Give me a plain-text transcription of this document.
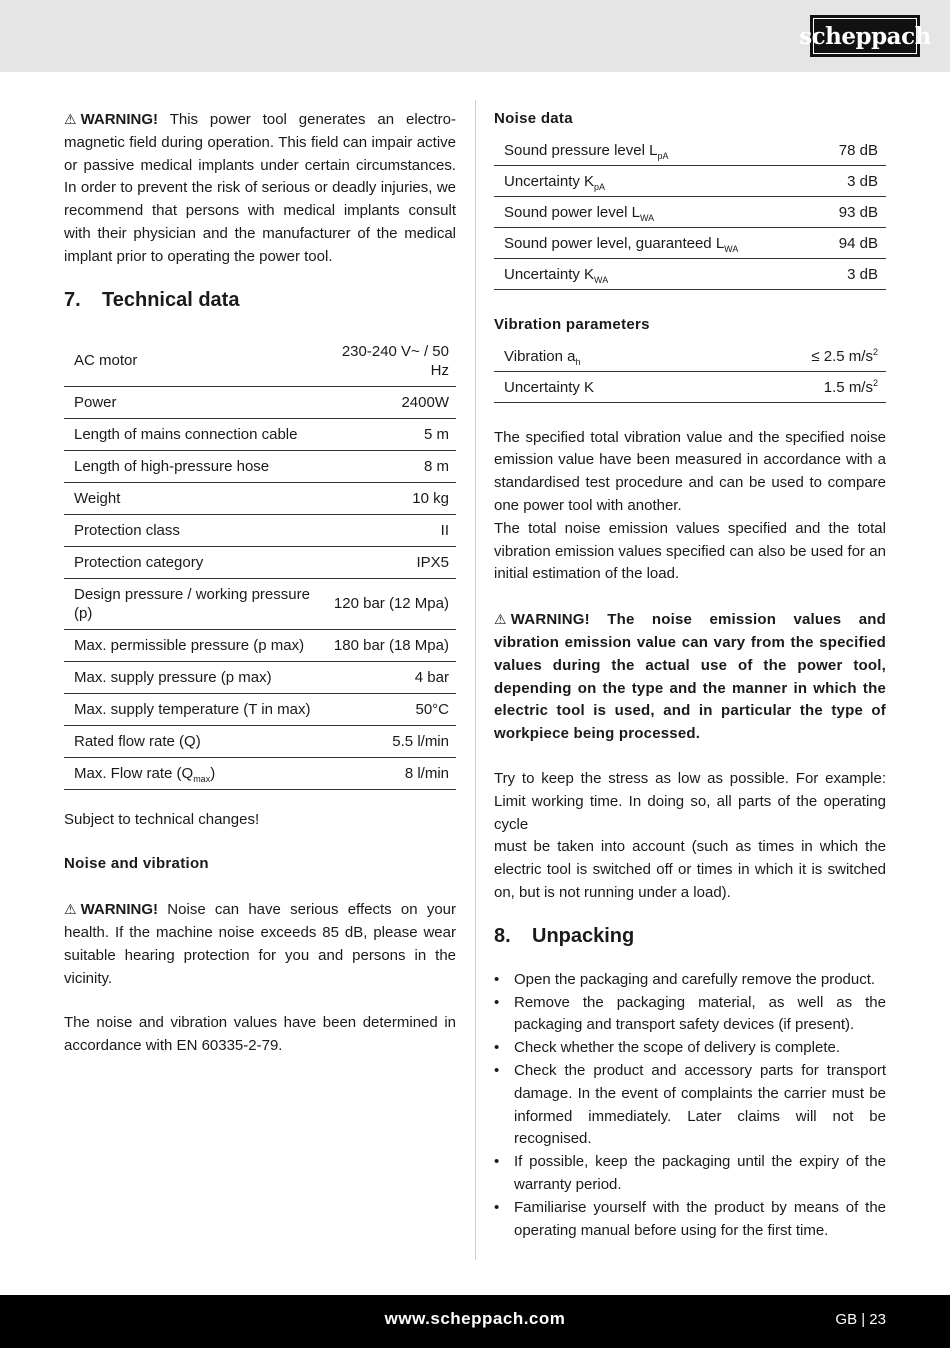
scheppach

⚠ WARNING! This power tool generates an electro-magnetic field during operation. This field can impair active or passive medical implants under certain circumstances. In order to prevent the risk of serious or deadly injuries, we recommend that persons with medical implants consult with their physician and the manufacturer of the medical implant prior to operating the power tool.

7.	Technical data
AC motor	230-240 V~ / 50 Hz
Power	2400W
Length of mains connection cable	5 m
Length of high-pressure hose	8 m
Weight	10 kg
Protection class	II
Protection category	IPX5
Design pressure / working pressure (p)	120 bar (12 Mpa)
Max. permissible pressure (p max)	180 bar (18 Mpa)
Max. supply pressure (p max)	4 bar
Max. supply temperature (T in max)	50°C
Rated flow rate (Q)	5.5 l/min
Max. Flow rate $(Q_{max})$	8 l/min

Subject to technical changes!

Noise and vibration

⚠ WARNING! Noise can have serious effects on your health. If the machine noise exceeds 85 dB, please wear suitable hearing protection for you and persons in the vicinity.

The noise and vibration values have been determined in accordance with EN 60335-2-79.

Noise data

Sound pressure level $L_{pA}$	78 dB
Uncertainty $K_{pA}$	3 dB
Sound power level $L_{WA}$	93 dB
Sound power level, guaranteed $L_{WA}$	94 dB
Uncertainty $K_{WA}$	3 dB

Vibration parameters

Vibration $a_h$	≤ 2.5 $m/s^2$
Uncertainty K	1.5 $m/s^2$

The specified total vibration value and the specified noise emission value have been measured in accordance with a standardised test procedure and can be used to compare one power tool with another.

The total noise emission values specified and the total vibration emission values specified can also be used for an initial estimation of the load.

⚠ WARNING! The noise emission values and vibration emission value can vary from the specified values during the actual use of the power tool, depending on the type and the manner in which the electric tool is used, and in particular the type of workpiece being processed.

Try to keep the stress as low as possible. For example: Limit working time. In doing so, all parts of the operating cycle

must be taken into account (such as times in which the electric tool is switched off or times in which it is switched on, but is not running under a load).

8.	Unpacking
• Open the packaging and carefully remove the product.
• Remove the packaging material, as well as the packaging and transport safety devices (if present).
• Check whether the scope of delivery is complete.
• Check the product and accessory parts for transport damage. In the event of complaints the carrier must be informed immediately. Later claims will not be recognised.
• If possible, keep the packaging until the expiry of the warranty period.
• Familiarise yourself with the product by means of the operating manual before using for the first time.
www.scheppach.com	GB | 23
